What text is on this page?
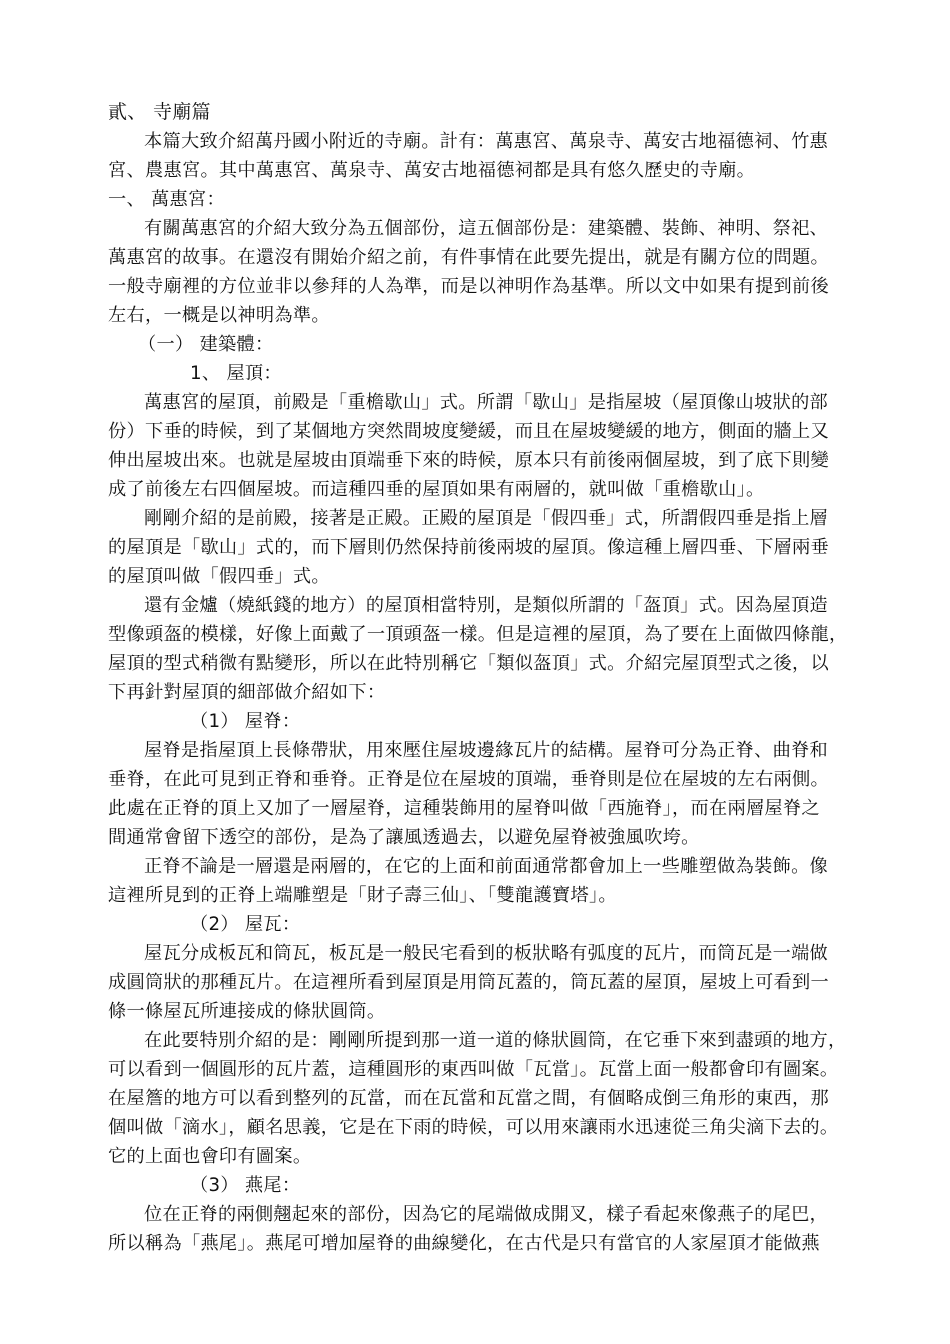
貳、 寺廟篇
本篇大致介紹萬丹國小附近的寺廟。計有：萬惠宮、萬泉寺、萬安古地福德祠、竹惠
宮、農惠宮。其中萬惠宮、萬泉寺、萬安古地福德祠都是具有悠久歷史的寺廟。
一、 萬惠宮：
有關萬惠宮的介紹大致分為五個部份，這五個部份是：建築體、裝飾、神明、祭祀、
萬惠宮的故事。在還沒有開始介紹之前，有件事情在此要先提出，就是有關方位的問題。
一般寺廟裡的方位並非以參拜的人為準，而是以神明作為基準。所以文中如果有提到前後
左右，一概是以神明為準。
（一） 建築體：
1、 屋頂：
萬惠宮的屋頂，前殿是「重檐歇山」式。所謂「歇山」是指屋坡（屋頂像山坡狀的部
份）下垂的時候，到了某個地方突然間坡度變緩，而且在屋坡變緩的地方，側面的牆上又
伸出屋坡出來。也就是屋坡由頂端垂下來的時候，原本只有前後兩個屋坡，到了底下則變
成了前後左右四個屋坡。而這種四垂的屋頂如果有兩層的，就叫做「重檐歇山」。
剛剛介紹的是前殿，接著是正殿。正殿的屋頂是「假四垂」式，所謂假四垂是指上層
的屋頂是「歇山」式的，而下層則仍然保持前後兩坡的屋頂。像這種上層四垂、下層兩垂
的屋頂叫做「假四垂」式。
還有金爐（燒紙錢的地方）的屋頂相當特別，是類似所謂的「盔頂」式。因為屋頂造
型像頭盔的模樣，好像上面戴了一頂頭盔一樣。但是這裡的屋頂，為了要在上面做四條龍，
屋頂的型式稍微有點變形，所以在此特別稱它「類似盔頂」式。介紹完屋頂型式之後，以
下再針對屋頂的細部做介紹如下：
（1） 屋脊：
屋脊是指屋頂上長條帶狀，用來壓住屋坡邊緣瓦片的結構。屋脊可分為正脊、曲脊和
垂脊，在此可見到正脊和垂脊。正脊是位在屋坡的頂端，垂脊則是位在屋坡的左右兩側。
此處在正脊的頂上又加了一層屋脊，這種裝飾用的屋脊叫做「西施脊」，而在兩層屋脊之
間通常會留下透空的部份，是為了讓風透過去，以避免屋脊被強風吹垮。
正脊不論是一層還是兩層的，在它的上面和前面通常都會加上一些雕塑做為裝飾。像
這裡所見到的正脊上端雕塑是「財子壽三仙」、「雙龍護寶塔」。
（2） 屋瓦：
屋瓦分成板瓦和筒瓦，板瓦是一般民宅看到的板狀略有弧度的瓦片，而筒瓦是一端做
成圓筒狀的那種瓦片。在這裡所看到屋頂是用筒瓦蓋的，筒瓦蓋的屋頂，屋坡上可看到一
條一條屋瓦所連接成的條狀圓筒。
在此要特別介紹的是：剛剛所提到那一道一道的條狀圓筒，在它垂下來到盡頭的地方，
可以看到一個圓形的瓦片蓋，這種圓形的東西叫做「瓦當」。瓦當上面一般都會印有圖案。
在屋簷的地方可以看到整列的瓦當，而在瓦當和瓦當之間，有個略成倒三角形的東西，那
個叫做「滴水」，顧名思義，它是在下雨的時候，可以用來讓雨水迅速從三角尖滴下去的。
它的上面也會印有圖案。
（3） 燕尾：
位在正脊的兩側翹起來的部份，因為它的尾端做成開叉，樣子看起來像燕子的尾巴，
所以稱為「燕尾」。燕尾可增加屋脊的曲線變化，在古代是只有當官的人家屋頂才能做燕
